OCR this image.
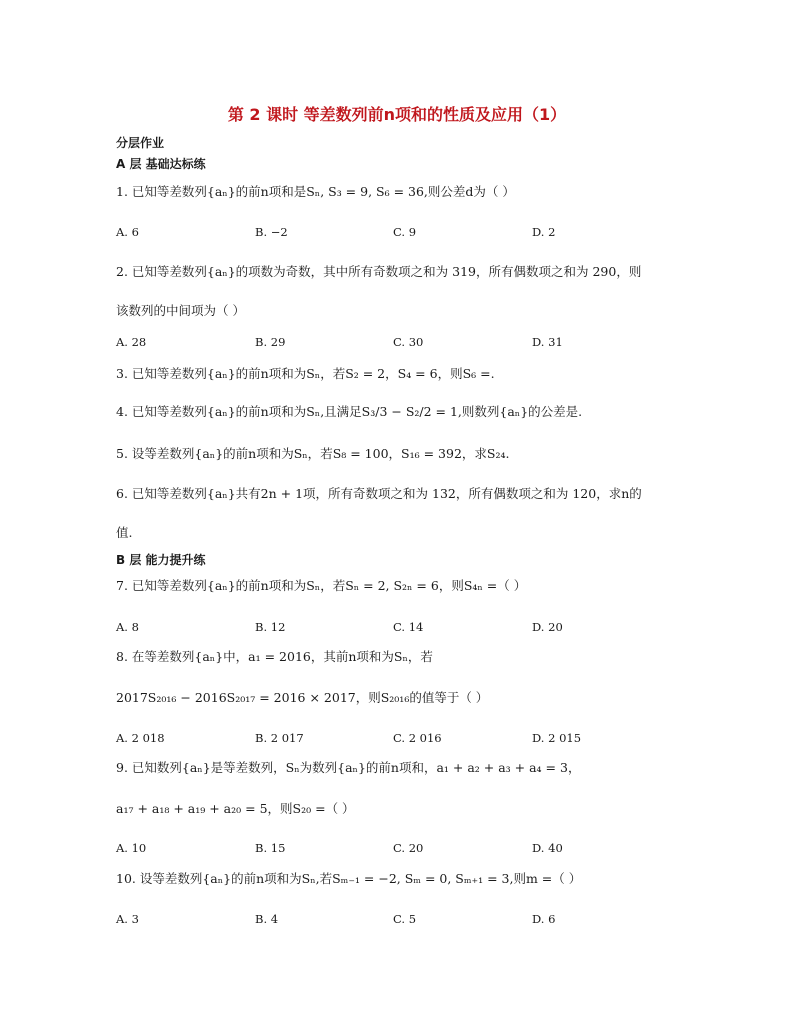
第 2 课时 等差数列前n项和的性质及应用（1）
分层作业
A 层 基础达标练
1. 已知等差数列{aₙ}的前n项和是Sₙ, S₃ = 9, S₆ = 36,则公差d为（ ）
A. 6	B. −2	C. 9	D. 2
2. 已知等差数列{aₙ}的项数为奇数，其中所有奇数项之和为 319，所有偶数项之和为 290，则
该数列的中间项为（ ）
A. 28	B. 29	C. 30	D. 31
3. 已知等差数列{aₙ}的前n项和为Sₙ，若S₂ = 2，S₄ = 6，则S₆ =.
4. 已知等差数列{aₙ}的前n项和为Sₙ,且满足S₃/3 − S₂/2 = 1,则数列{aₙ}的公差是.
5. 设等差数列{aₙ}的前n项和为Sₙ，若S₈ = 100，S₁₆ = 392，求S₂₄.
6. 已知等差数列{aₙ}共有2n + 1项，所有奇数项之和为 132，所有偶数项之和为 120，求n的
值.
B 层 能力提升练
7. 已知等差数列{aₙ}的前n项和为Sₙ，若Sₙ = 2, S₂ₙ = 6，则S₄ₙ =（ ）
A. 8	B. 12	C. 14	D. 20
8. 在等差数列{aₙ}中，a₁ = 2016，其前n项和为Sₙ，若
2017S₂₀₁₆ − 2016S₂₀₁₇ = 2016 × 2017，则S₂₀₁₆的值等于（ ）
A. 2 018	B. 2 017	C. 2 016	D. 2 015
9. 已知数列{aₙ}是等差数列，Sₙ为数列{aₙ}的前n项和，a₁ + a₂ + a₃ + a₄ = 3，
a₁₇ + a₁₈ + a₁₉ + a₂₀ = 5，则S₂₀ =（ ）
A. 10	B. 15	C. 20	D. 40
10. 设等差数列{aₙ}的前n项和为Sₙ,若Sₘ₋₁ = −2, Sₘ = 0, Sₘ₊₁ = 3,则m =（ ）
A. 3	B. 4	C. 5	D. 6
